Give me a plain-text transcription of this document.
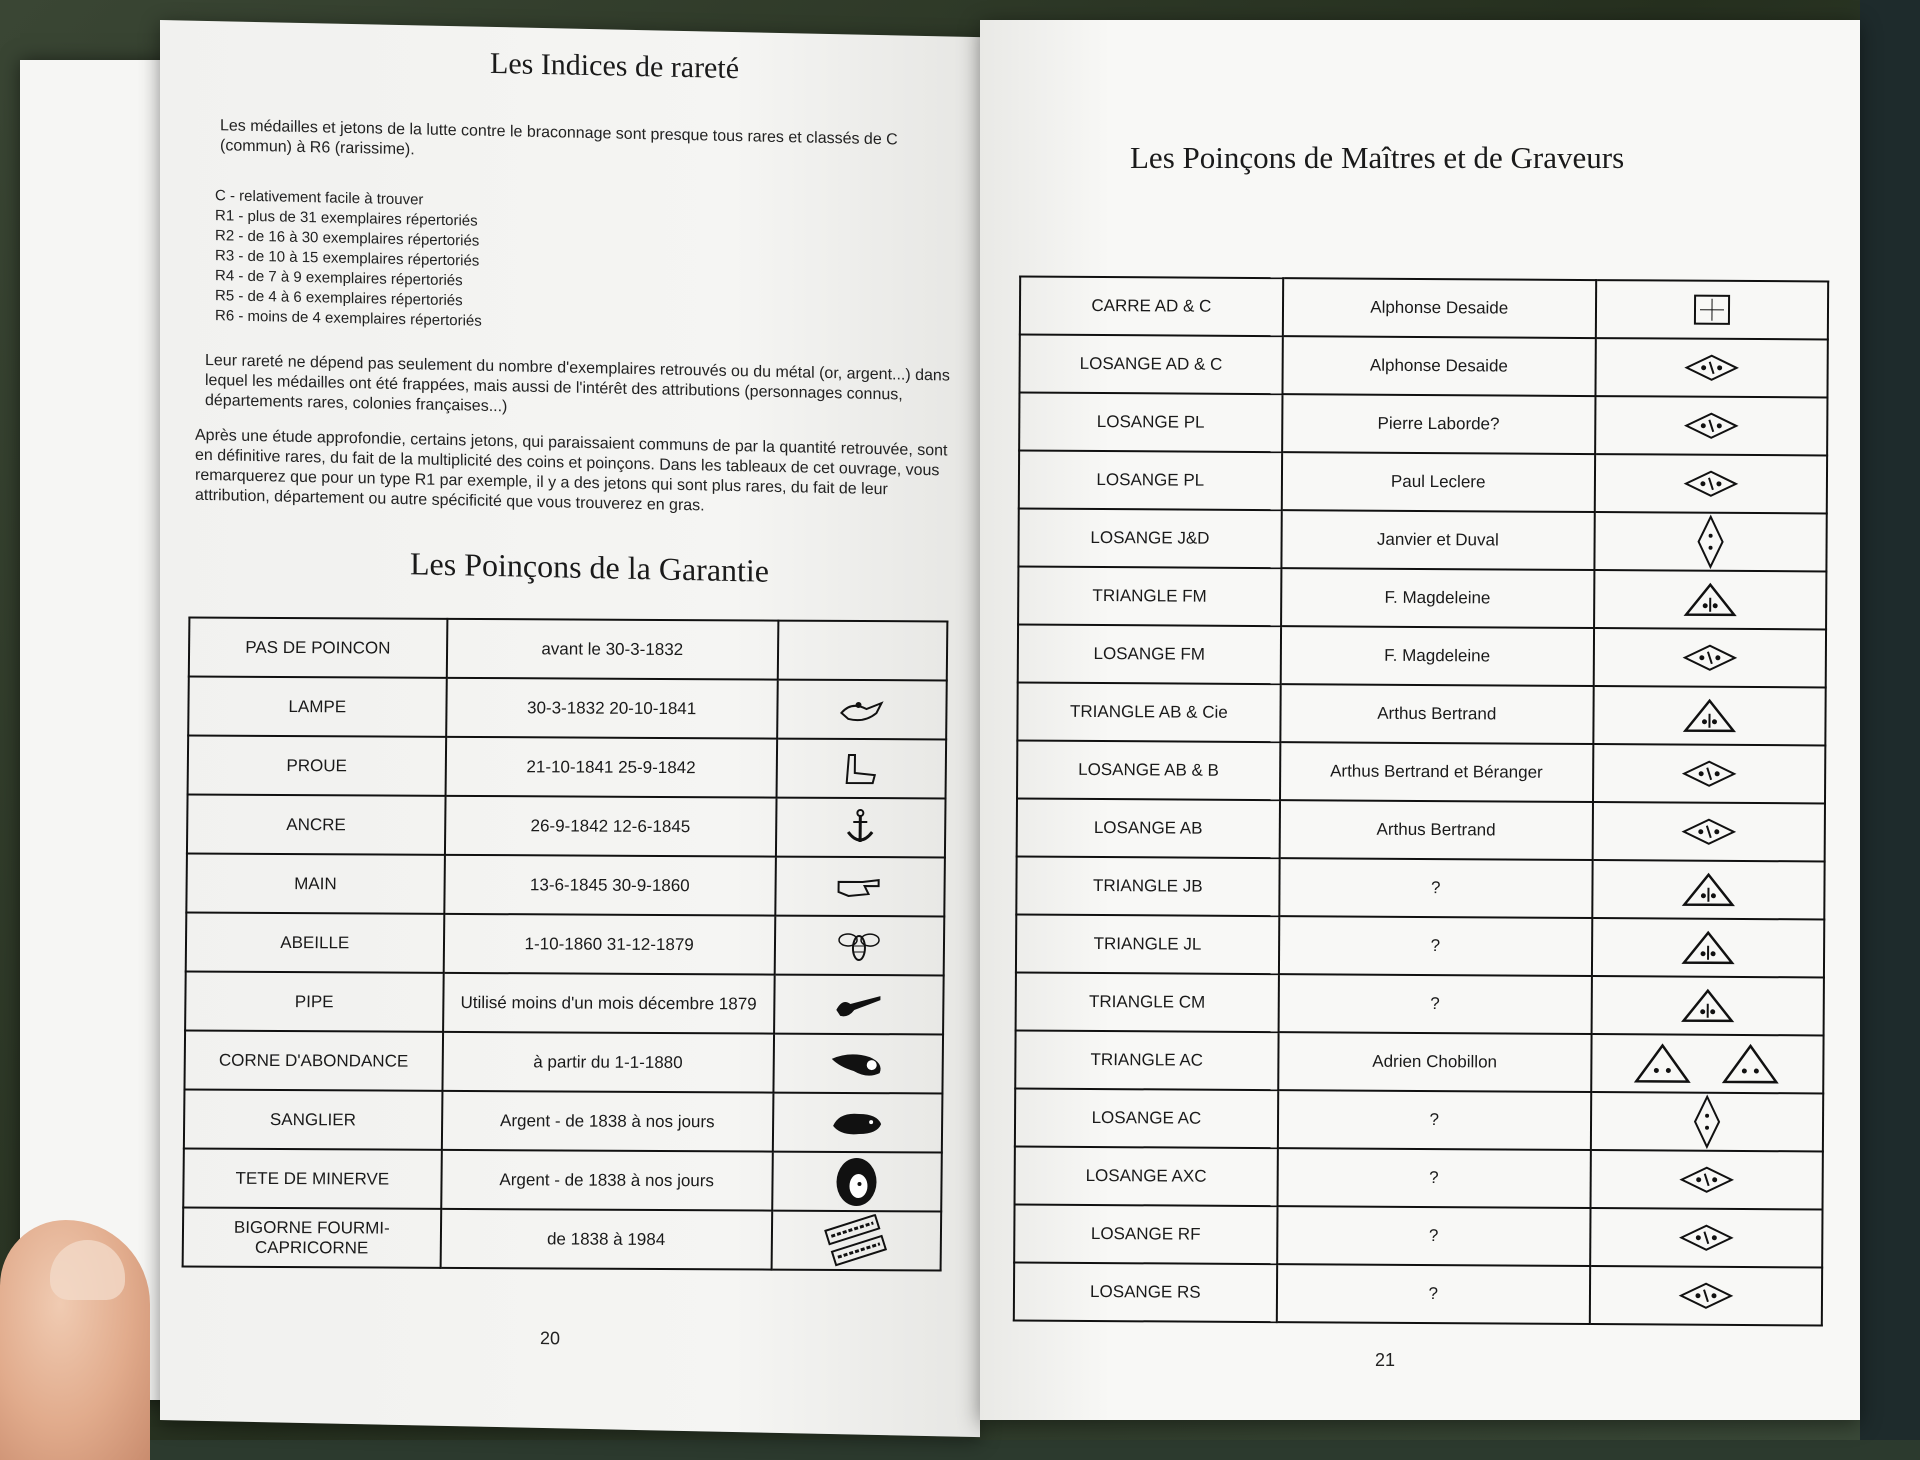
Les Indices de rareté
Les médailles et jetons de la lutte contre le braconnage sont presque tous rares et classés de C (commun) à R6 (rarissime).
C - relativement facile à trouver
R1 - plus de 31 exemplaires répertoriés
R2 - de 16 à 30 exemplaires répertoriés
R3 - de 10 à 15 exemplaires répertoriés
R4 - de 7 à 9 exemplaires répertoriés
R5 - de 4 à 6 exemplaires répertoriés
R6 - moins de 4 exemplaires répertoriés
Leur rareté ne dépend pas seulement du nombre d'exemplaires retrouvés ou du métal (or, argent...) dans lequel les médailles ont été frappées, mais aussi de l'intérêt des attributions (personnages connus, départements rares, colonies françaises...)
Après une étude approfondie, certains jetons, qui paraissaient communs de par la quantité retrouvée, sont en définitive rares, du fait de la multiplicité des coins et poinçons. Dans les tableaux de cet ouvrage, vous remarquerez que pour un type R1 par exemple, il y a des jetons qui sont plus rares, du fait de leur attribution, département ou autre spécificité que vous trouverez en gras.
Les Poinçons de la Garantie
PAS DE POINCON	avant le 30-3-1832	
LAMPE	30-3-1832 20-10-1841	
PROUE	21-10-1841 25-9-1842	
ANCRE	26-9-1842 12-6-1845	
MAIN	13-6-1845 30-9-1860	
ABEILLE	1-10-1860 31-12-1879	
PIPE	Utilisé moins d'un mois décembre 1879	
CORNE D'ABONDANCE	à partir du 1-1-1880	
SANGLIER	Argent - de 1838 à nos jours	
TETE DE MINERVE	Argent - de 1838 à nos jours	
BIGORNE FOURMI-CAPRICORNE	de 1838 à 1984	
20
Les Poinçons de Maîtres et de Graveurs
CARRE AD & C	Alphonse Desaide	
LOSANGE AD & C	Alphonse Desaide	
LOSANGE PL	Pierre Laborde?	
LOSANGE PL	Paul Leclere	
LOSANGE J&D	Janvier et Duval	
TRIANGLE FM	F. Magdeleine	
LOSANGE FM	F. Magdeleine	
TRIANGLE AB & Cie	Arthus Bertrand	
LOSANGE AB & B	Arthus Bertrand et Béranger	
LOSANGE AB	Arthus Bertrand	
TRIANGLE JB	?	
TRIANGLE JL	?	
TRIANGLE CM	?	
TRIANGLE AC	Adrien Chobillon	
LOSANGE AC	?	
LOSANGE AXC	?	
LOSANGE RF	?	
LOSANGE RS	?	
21
